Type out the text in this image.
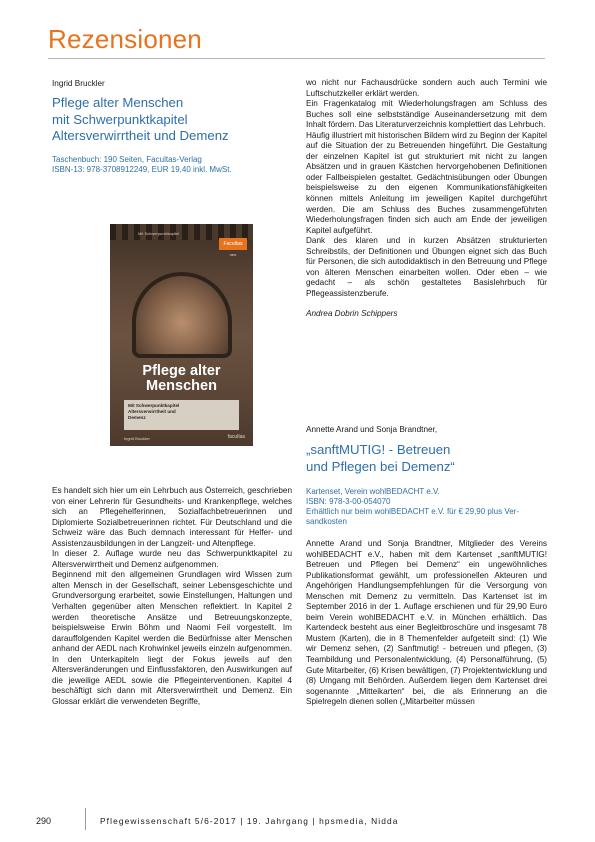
Rezensionen

Ingrid Bruckler

Pflege alter Menschen

mit Schwerpunktkapitel

Altersverwirrtheit und Demenz

Taschenbuch: 190 Seiten, Facultas-Verlag

ISBN-13: 978-3708912249, EUR 19,40 inkl. MwSt.

Mit Schwerpunktkapitel
Facultas
neu
Pflege alter
Menschen
Mit Schwerpunktkapitel
Altersverwirrtheit und
Demenz
Ingrid Bruckler	facultas

Es handelt sich hier um ein Lehrbuch aus Österreich, geschrieben von einer Lehrerin für Gesundheits- und Krankenpflege, welches sich an Pflegehelferinnen, Sozialfachbetreuerinnen und Diplomierte Sozialbetreuerinnen richtet. Für Deutschland und die Schweiz wäre das Buch demnach interessant für Helfer- und Assistenzausbildungen in der Langzeit- und Altenpflege.

In dieser 2. Auflage wurde neu das Schwerpunktkapitel zu Altersverwirrtheit und Demenz aufgenommen.

Beginnend mit den allgemeinen Grundlagen wird Wissen zum alten Mensch in der Gesellschaft, seiner Lebensgeschichte und Grundversorgung erarbeitet, sowie Einstellungen, Haltungen und Verhalten gegenüber alten Menschen reflektiert. In Kapitel 2 werden theoretische Ansätze und Betreuungskonzepte, beispielsweise Erwin Böhm und Naomi Feil vorgestellt. Im darauffolgenden Kapitel werden die Bedürfnisse alter Menschen anhand der AEDL nach Krohwinkel jeweils einzeln aufgenommen. In den Unterkapiteln liegt der Fokus jeweils auf den Altersveränderungen und Einflussfaktoren, den Auswirkungen auf die jeweilige AEDL sowie die Pflegeinterventionen. Kapitel 4 beschäftigt sich dann mit Altersverwirrtheit und Demenz. Ein Glossar erklärt die verwendeten Begriffe,

wo nicht nur Fachausdrücke sondern auch auch Termini wie Luftschutzkeller erklärt werden.

Ein Fragenkatalog mit Wiederholungsfragen am Schluss des Buches soll eine selbstständige Auseinandersetzung mit dem Inhalt fördern. Das Literaturverzeichnis komplettiert das Lehrbuch.

Häufig illustriert mit historischen Bildern wird zu Beginn der Kapitel auf die Situation der zu Betreuenden hingeführt. Die Gestaltung der einzelnen Kapitel ist gut strukturiert mit nicht zu langen Absätzen und in grauen Kästchen hervorgehobenen Definitionen oder Fallbeispielen gestaltet. Gedächtnisübungen oder Übungen beispielsweise zu den eigenen Kommunikationsfähigkeiten können mittels Anleitung im jeweiligen Kapitel durchgeführt werden. Die am Schluss des Buches zusammengeführten Wiederholungsfragen finden sich auch am Ende der jeweiligen Kapitel aufgeführt.

Dank des klaren und in kurzen Absätzen strukturierten Schreibstils, der Definitionen und Übungen eignet sich das Buch für Personen, die sich autodidaktisch in den Betreuung und Pflege von älteren Menschen einarbeiten wollen. Oder eben – wie gedacht – als schön gestaltetes Basislehrbuch für Pflegeassistenzberufe.

Andrea Dobrin Schippers

Annette Arand und Sonja Brandtner,

„sanftMUTIG! - Betreuen

und Pflegen bei Demenz“

Kartenset, Verein wohlBEDACHT e.V.

ISBN: 978-3-00-054070

Erhältlich nur beim wohlBEDACHT e.V. für € 29,90 plus Ver-

sandkosten

Annette Arand und Sonja Brandtner, Mitglieder des Vereins wohlBEDACHT e.V., haben mit dem Kartenset „sanftMUTIG! Betreuen und Pflegen bei Demenz“ ein ungewöhnliches Publikationsformat gewählt, um professionellen Akteuren und Angehörigen Handlungsempfehlungen für die Versorgung von Menschen mit Demenz zu vermitteln. Das Kartenset ist im September 2016 in der 1. Auflage erschienen und für 29,90 Euro beim Verein wohlBEDACHT e.V. in München erhältlich. Das Kartendeck besteht aus einer Begleitbroschüre und insgesamt 78 Mustern (Karten), die in 8 Themenfelder aufgeteilt sind: (1) Wie wir Demenz sehen, (2) Sanftmutig! - betreuen und pflegen, (3) Teambildung und Personalentwicklung, (4) Personalführung, (5) Gute Mitarbeiter, (6) Krisen bewältigen, (7) Projektentwicklung und (8) Umgang mit Behörden. Außerdem liegen dem Kartenset drei sogenannte „Mitteikarten“ bei, die als Erinnerung an die Spielregeln dienen sollen („Mitarbeiter müssen

290	Pflegewissenschaft 5/6-2017 | 19. Jahrgang | hpsmedia, Nidda
